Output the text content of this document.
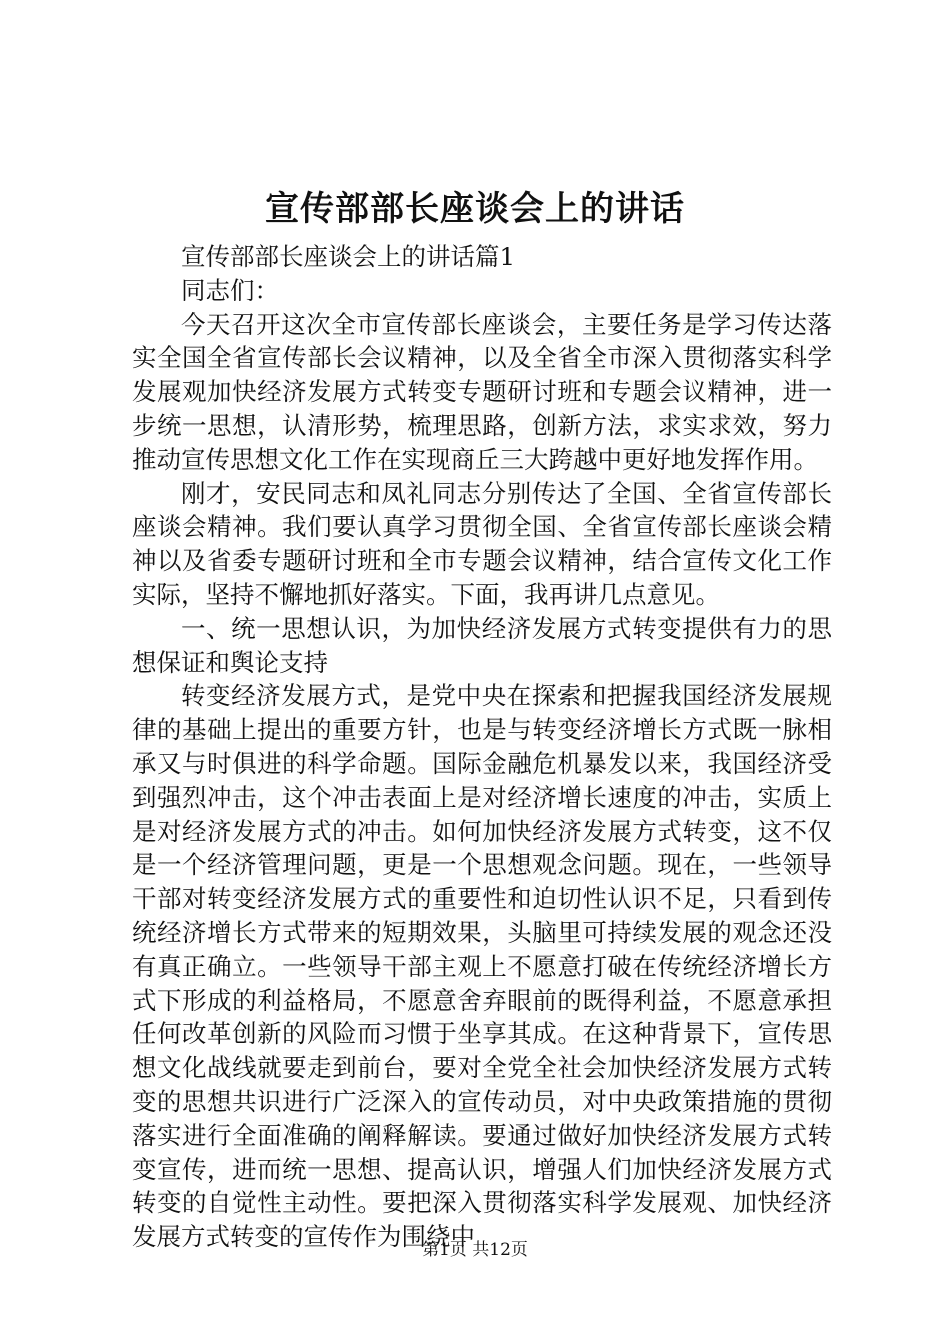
宣传部部长座谈会上的讲话

宣传部部长座谈会上的讲话篇1

同志们：

今天召开这次全市宣传部长座谈会，主要任务是学习传达落实全国全省宣传部长会议精神，以及全省全市深入贯彻落实科学发展观加快经济发展方式转变专题研讨班和专题会议精神，进一步统一思想，认清形势，梳理思路，创新方法，求实求效，努力推动宣传思想文化工作在实现商丘三大跨越中更好地发挥作用。

刚才，安民同志和凤礼同志分别传达了全国、全省宣传部长座谈会精神。我们要认真学习贯彻全国、全省宣传部长座谈会精神以及省委专题研讨班和全市专题会议精神，结合宣传文化工作实际，坚持不懈地抓好落实。下面，我再讲几点意见。

一、统一思想认识，为加快经济发展方式转变提供有力的思想保证和舆论支持

转变经济发展方式，是党中央在探索和把握我国经济发展规律的基础上提出的重要方针，也是与转变经济增长方式既一脉相承又与时俱进的科学命题。国际金融危机暴发以来，我国经济受到强烈冲击，这个冲击表面上是对经济增长速度的冲击，实质上是对经济发展方式的冲击。如何加快经济发展方式转变，这不仅是一个经济管理问题，更是一个思想观念问题。现在，一些领导干部对转变经济发展方式的重要性和迫切性认识不足，只看到传统经济增长方式带来的短期效果，头脑里可持续发展的观念还没有真正确立。一些领导干部主观上不愿意打破在传统经济增长方式下形成的利益格局，不愿意舍弃眼前的既得利益，不愿意承担任何改革创新的风险而习惯于坐享其成。在这种背景下，宣传思想文化战线就要走到前台，要对全党全社会加快经济发展方式转变的思想共识进行广泛深入的宣传动员，对中央政策措施的贯彻落实进行全面准确的阐释解读。要通过做好加快经济发展方式转变宣传，进而统一思想、提高认识，增强人们加快经济发展方式转变的自觉性主动性。要把深入贯彻落实科学发展观、加快经济发展方式转变的宣传作为围绕中

第1页 共12页
